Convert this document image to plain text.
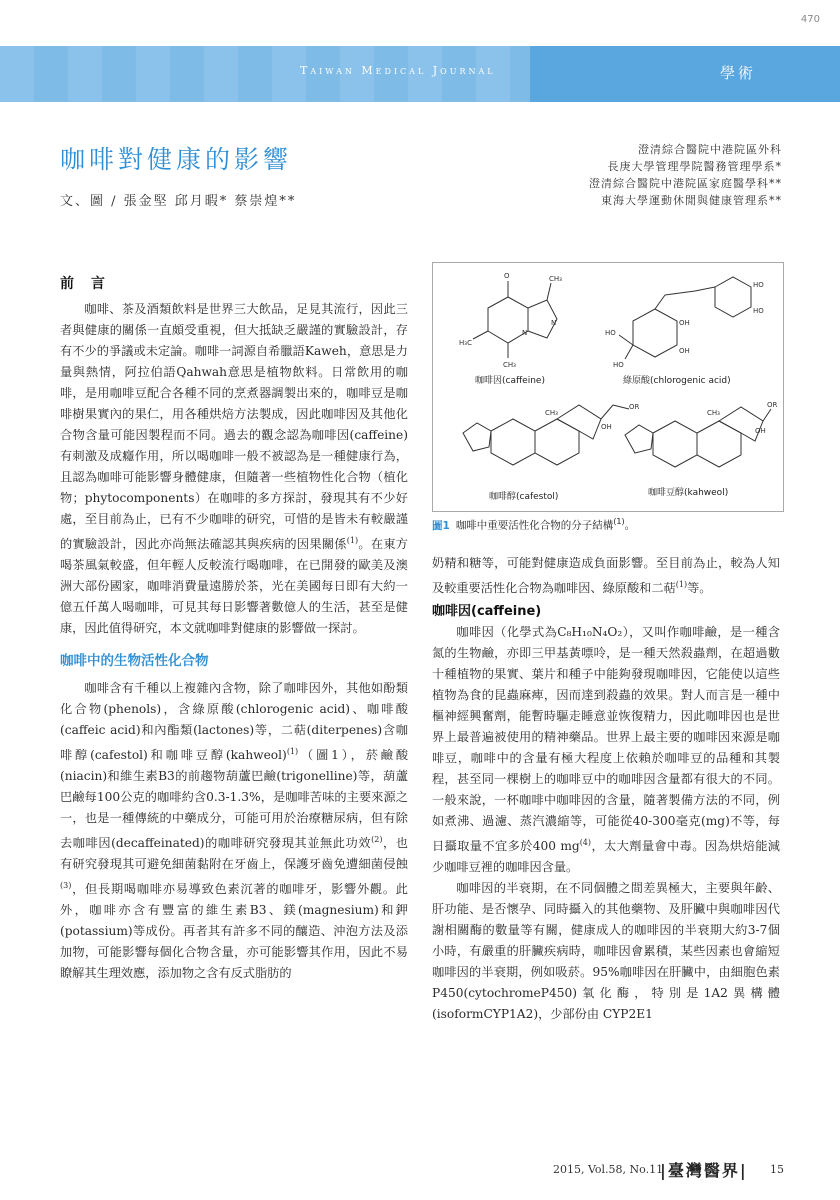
470
Taiwan Medical Journal	學術
咖啡對健康的影響
文、圖 / 張金堅 邱月暇* 蔡崇煌**
澄清綜合醫院中港院區外科
長庚大學管理學院醫務管理學系*
澄清綜合醫院中港院區家庭醫學科**
東海大學運動休閒與健康管理系**
前 言

咖啡、茶及酒類飲料是世界三大飲品，足見其流行，因此三者與健康的關係一直頗受重視，但大抵缺乏嚴謹的實驗設計，存有不少的爭議或未定論。咖啡一詞源自希臘語Kaweh，意思是力量與熱情，阿拉伯語Qahwah意思是植物飲料。日常飲用的咖啡，是用咖啡豆配合各種不同的烹煮器調製出來的，咖啡豆是咖啡樹果實內的果仁，用各種烘焙方法製成，因此咖啡因及其他化合物含量可能因製程而不同。過去的觀念認為咖啡因(caffeine)有刺激及成癮作用，所以喝咖啡一般不被認為是一種健康行為，且認為咖啡可能影響身體健康，但隨著一些植物性化合物（植化物；phytocomponents）在咖啡的多方探討，發現其有不少好處，至目前為止，已有不少咖啡的研究，可惜的是皆未有較嚴謹的實驗設計，因此亦尚無法確認其與疾病的因果關係$^{(1)}$。在東方喝茶風氣較盛，但年輕人反較流行喝咖啡，在已開發的歐美及澳洲大部份國家，咖啡消費量遠勝於茶，光在美國每日即有大約一億五仟萬人喝咖啡，可見其每日影響著數億人的生活，甚至是健康，因此值得研究，本文就咖啡對健康的影響做一探討。

咖啡中的生物活性化合物

咖啡含有千種以上複雜內含物，除了咖啡因外，其他如酚類化合物(phenols)，含綠原酸(chlorogenic acid)、咖啡酸(caffeic acid)和內酯類(lactones)等，二萜(diterpenes)含咖啡醇(cafestol)和咖啡豆醇(kahweol)$^{(1)}$（圖1），菸鹼酸(niacin)和維生素B3的前趨物葫蘆巴鹼(trigonelline)等，葫蘆巴鹼每100公克的咖啡約含0.3-1.3%，是咖啡苦味的主要來源之一，也是一種傳統的中藥成分，可能可用於治療糖尿病，但有除去咖啡因(decaffeinated)的咖啡研究發現其並無此功效$^{(2)}$，也有研究發現其可避免細菌黏附在牙齒上，保護牙齒免遭細菌侵蝕$^{(3)}$，但長期喝咖啡亦易導致色素沉著的咖啡牙，影響外觀。此外，咖啡亦含有豐富的維生素B3、鎂(magnesium)和鉀(potassium)等成份。再者其有許多不同的釀造、沖泡方法及添加物，可能影響每個化合物含量，亦可能影響其作用，因此不易瞭解其生理效應，添加物之含有反式脂肪的

O	CH₃
H₃C
CH₃
N
N
HO
HO
OH
OH
HO
HO
CH₃
OH
OR
CH₃
OH
OR
咖啡因(caffeine)	綠原酸(chlorogenic acid)
咖啡醇(cafestol)	咖啡豆醇(kahweol)
圖1 咖啡中重要活性化合物的分子結構$^{(1)}$。

奶精和糖等，可能對健康造成負面影響。至目前為止，較為人知及較重要活性化合物為咖啡因、綠原酸和二萜$^{(1)}$等。

咖啡因(caffeine)

咖啡因（化學式為C₈H₁₀N₄O₂），又叫作咖啡鹼，是一種含氮的生物鹼，亦即三甲基黃嘌呤，是一種天然殺蟲劑，在超過數十種植物的果實、葉片和種子中能夠發現咖啡因，它能使以這些植物為食的昆蟲麻痺，因而達到殺蟲的效果。對人而言是一種中樞神經興奮劑，能暫時驅走睡意並恢復精力，因此咖啡因也是世界上最普遍被使用的精神藥品。世界上最主要的咖啡因來源是咖啡豆，咖啡中的含量有極大程度上依賴於咖啡豆的品種和其製程，甚至同一棵樹上的咖啡豆中的咖啡因含量都有很大的不同。一般來說，一杯咖啡中咖啡因的含量，隨著製備方法的不同，例如煮沸、過濾、蒸汽濃縮等，可能從40-300毫克(mg)不等，每日攝取量不宜多於400 $mg^{(4)}$，太大劑量會中毒。因為烘焙能減少咖啡豆裡的咖啡因含量。

咖啡因的半衰期，在不同個體之間差異極大，主要與年齡、肝功能、是否懷孕、同時攝入的其他藥物、及肝臟中與咖啡因代謝相關酶的數量等有關，健康成人的咖啡因的半衰期大約3-7個小時，有嚴重的肝臟疾病時，咖啡因會累積，某些因素也會縮短咖啡因的半衰期，例如吸菸。95%咖啡因在肝臟中，由細胞色素P450(cytochromeP450)氧化酶，特別是1A2異構體(isoformCYP1A2)，少部份由 CYP2E1

2015, Vol.58, No.11
|臺灣醫界| 15
